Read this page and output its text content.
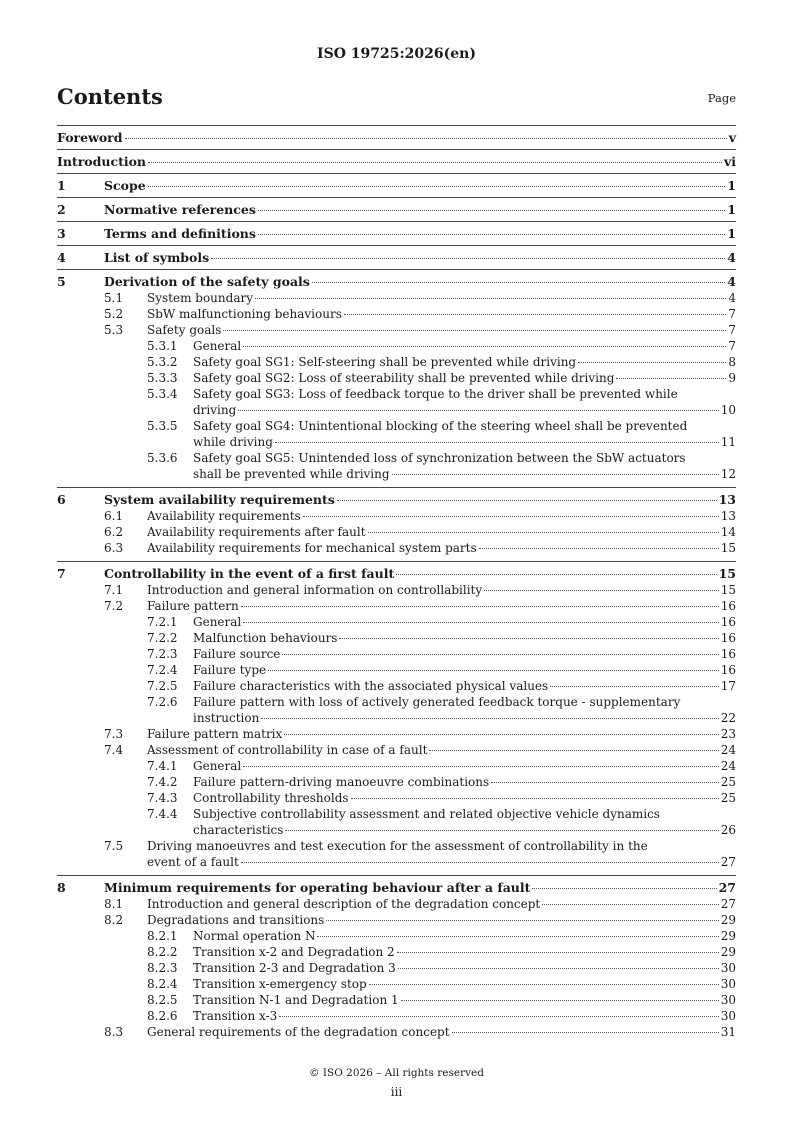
ISO 19725:2026(en)
Contents	Page
Foreword	v
Introduction	vi
1	Scope	1
2	Normative references	1
3	Terms and definitions	1
4	List of symbols	4
5	Derivation of the safety goals	4
5.1 System boundary	4
5.2 SbW malfunctioning behaviours	7
5.3 Safety goals	7
5.3.1 General	7
5.3.2 Safety goal SG1: Self-steering shall be prevented while driving	8
5.3.3 Safety goal SG2: Loss of steerability shall be prevented while driving	9
5.3.4 Safety goal SG3: Loss of feedback torque to the driver shall be prevented while
driving	10
5.3.5 Safety goal SG4: Unintentional blocking of the steering wheel shall be prevented
while driving	11
5.3.6 Safety goal SG5: Unintended loss of synchronization between the SbW actuators
shall be prevented while driving	12
6	System availability requirements	13
6.1 Availability requirements	13
6.2 Availability requirements after fault	14
6.3 Availability requirements for mechanical system parts	15
7	Controllability in the event of a first fault	15
7.1 Introduction and general information on controllability	15
7.2 Failure pattern	16
7.2.1 General	16
7.2.2 Malfunction behaviours	16
7.2.3 Failure source	16
7.2.4 Failure type	16
7.2.5 Failure characteristics with the associated physical values	17
7.2.6 Failure pattern with loss of actively generated feedback torque - supplementary
instruction	22
7.3 Failure pattern matrix	23
7.4 Assessment of controllability in case of a fault	24
7.4.1 General	24
7.4.2 Failure pattern-driving manoeuvre combinations	25
7.4.3 Controllability thresholds	25
7.4.4 Subjective controllability assessment and related objective vehicle dynamics
characteristics	26
7.5 Driving manoeuvres and test execution for the assessment of controllability in the
event of a fault	27
8	Minimum requirements for operating behaviour after a fault	27
8.1 Introduction and general description of the degradation concept	27
8.2 Degradations and transitions	29
8.2.1 Normal operation N	29
8.2.2 Transition x-2 and Degradation 2	29
8.2.3 Transition 2-3 and Degradation 3	30
8.2.4 Transition x-emergency stop	30
8.2.5 Transition N-1 and Degradation 1	30
8.2.6 Transition x-3	30
8.3 General requirements of the degradation concept	31
© ISO 2026 – All rights reserved
iii
